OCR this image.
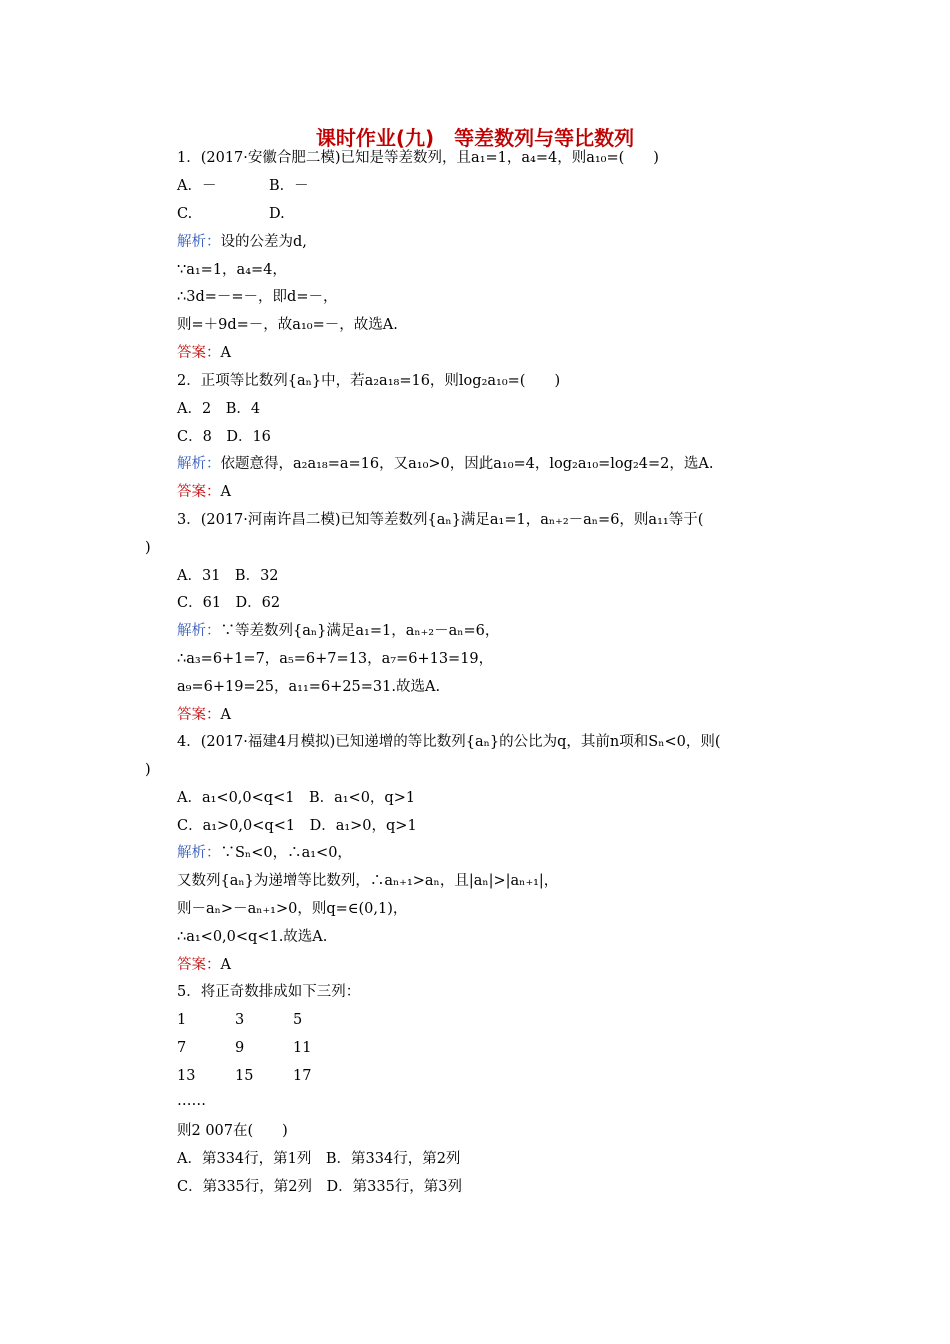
课时作业(九)　等差数列与等比数列
1．(2017·安徽合肥二模)已知是等差数列，且a₁=1，a₄=4，则a₁₀=(　　)
A．－	B．－
C.	D.
解析：设的公差为d,
∵a₁=1，a₄=4，
∴3d=－=－，即d=－，
则=＋9d=－，故a₁₀=－，故选A.
答案：A
2．正项等比数列{aₙ}中，若a₂a₁₈=16，则log₂a₁₀=(　　)
A．2　B．4
C．8　D．16
解析：依题意得，a₂a₁₈=a=16，又a₁₀>0，因此a₁₀=4，log₂a₁₀=log₂4=2，选A.
答案：A
3．(2017·河南许昌二模)已知等差数列{aₙ}满足a₁=1，aₙ₊₂－aₙ=6，则a₁₁等于(
)
A．31　B．32
C．61　D．62
解析：∵等差数列{aₙ}满足a₁=1，aₙ₊₂－aₙ=6，
∴a₃=6+1=7，a₅=6+7=13，a₇=6+13=19，
a₉=6+19=25，a₁₁=6+25=31.故选A.
答案：A
4．(2017·福建4月模拟)已知递增的等比数列{aₙ}的公比为q，其前n项和Sₙ<0，则(
)
A．a₁<0,0<q<1　B．a₁<0，q>1
C．a₁>0,0<q<1　D．a₁>0，q>1
解析：∵Sₙ<0，∴a₁<0，
又数列{aₙ}为递增等比数列，∴aₙ₊₁>aₙ，且|aₙ|>|aₙ₊₁|，
则－aₙ>－aₙ₊₁>0，则q=∈(0,1)，
∴a₁<0,0<q<1.故选A.
答案：A
5．将正奇数排成如下三列：
1	3	5
7	9	11
13	15	17
……
则2 007在(　　)
A．第334行，第1列　B．第334行，第2列
C．第335行，第2列　D．第335行，第3列
